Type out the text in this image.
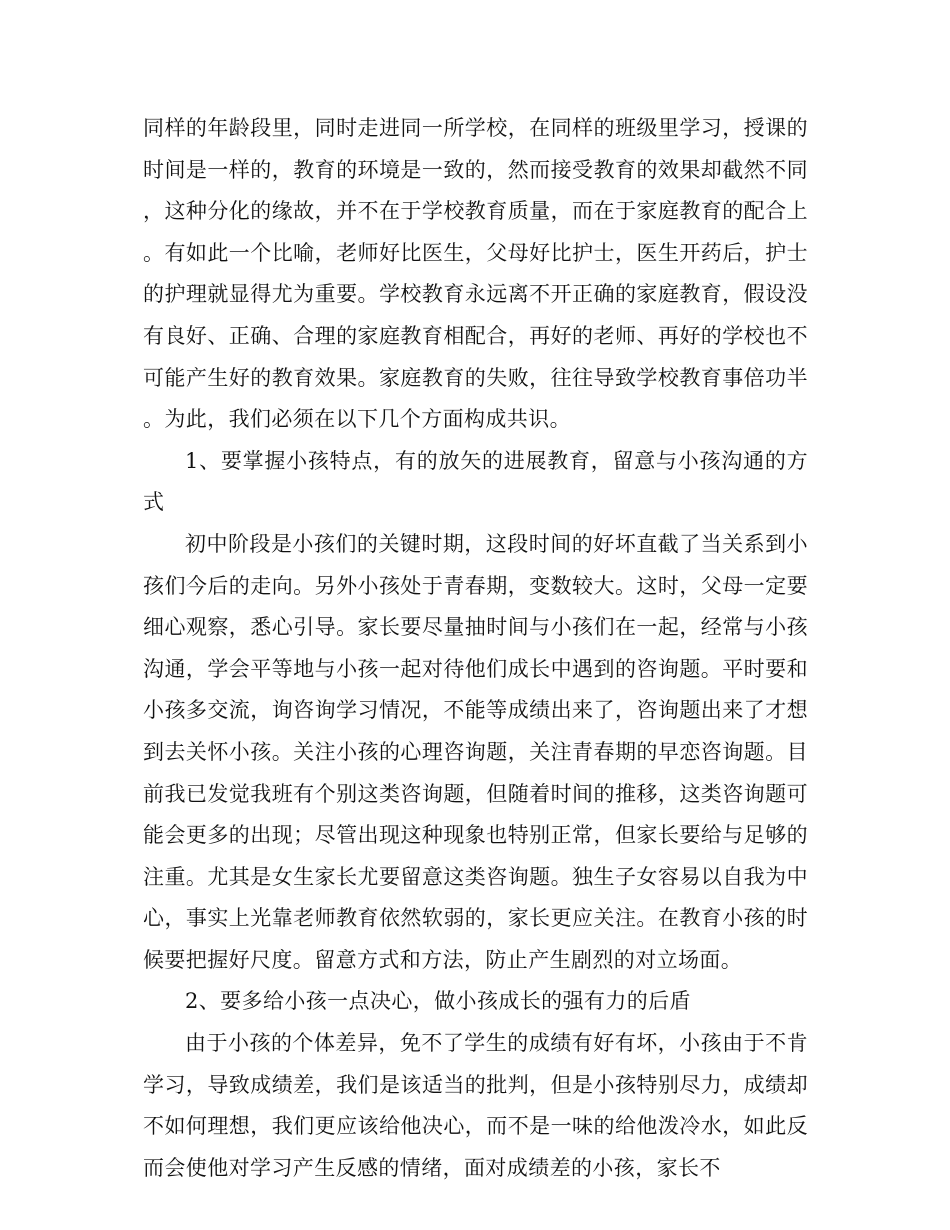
同样的年龄段里，同时走进同一所学校，在同样的班级里学习，授课的时间是一样的，教育的环境是一致的，然而接受教育的效果却截然不同，这种分化的缘故，并不在于学校教育质量，而在于家庭教育的配合上。有如此一个比喻，老师好比医生，父母好比护士，医生开药后，护士的护理就显得尤为重要。学校教育永远离不开正确的家庭教育，假设没有良好、正确、合理的家庭教育相配合，再好的老师、再好的学校也不可能产生好的教育效果。家庭教育的失败，往往导致学校教育事倍功半。为此，我们必须在以下几个方面构成共识。

1、要掌握小孩特点，有的放矢的进展教育，留意与小孩沟通的方式

初中阶段是小孩们的关键时期，这段时间的好坏直截了当关系到小孩们今后的走向。另外小孩处于青春期，变数较大。这时，父母一定要细心观察，悉心引导。家长要尽量抽时间与小孩们在一起，经常与小孩沟通，学会平等地与小孩一起对待他们成长中遇到的咨询题。平时要和小孩多交流，询咨询学习情况，不能等成绩出来了，咨询题出来了才想到去关怀小孩。关注小孩的心理咨询题，关注青春期的早恋咨询题。目前我已发觉我班有个别这类咨询题，但随着时间的推移，这类咨询题可能会更多的出现；尽管出现这种现象也特别正常，但家长要给与足够的注重。尤其是女生家长尤要留意这类咨询题。独生子女容易以自我为中心，事实上光靠老师教育依然软弱的，家长更应关注。在教育小孩的时候要把握好尺度。留意方式和方法，防止产生剧烈的对立场面。

2、要多给小孩一点决心，做小孩成长的强有力的后盾

由于小孩的个体差异，免不了学生的成绩有好有坏，小孩由于不肯学习，导致成绩差，我们是该适当的批判，但是小孩特别尽力，成绩却不如何理想，我们更应该给他决心，而不是一味的给他泼冷水，如此反而会使他对学习产生反感的情绪，面对成绩差的小孩，家长不
